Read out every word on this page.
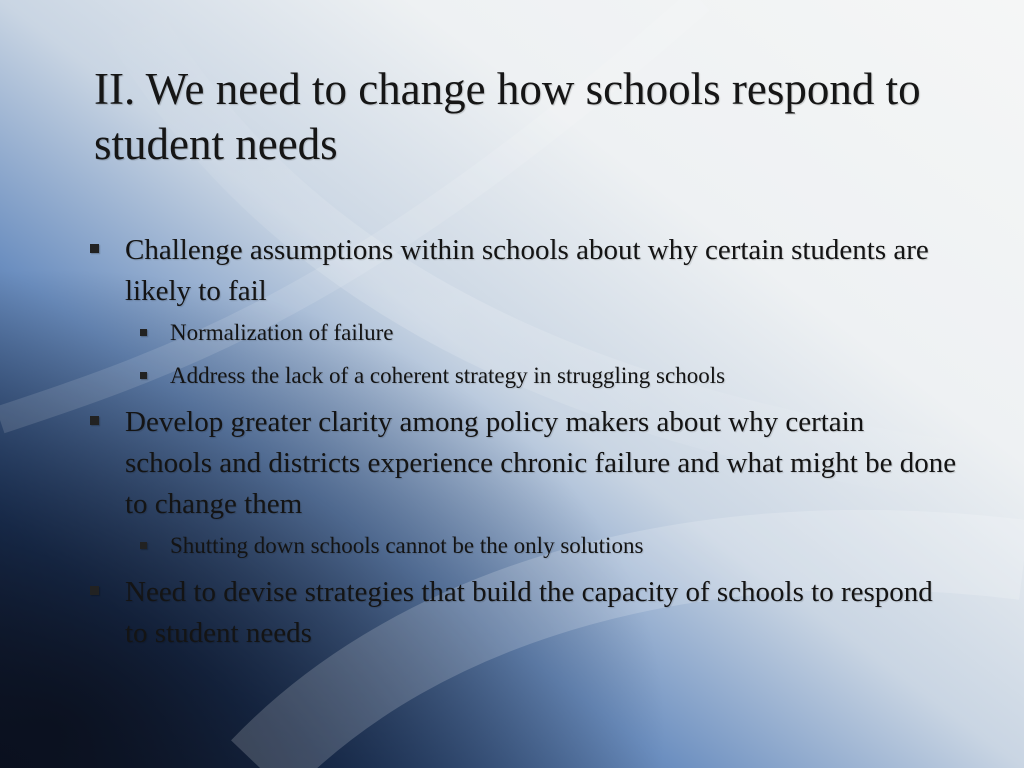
II. We need to change how schools respond to student needs
Challenge assumptions within schools about why certain students are likely to fail
Normalization of failure
Address the lack of a coherent strategy in struggling schools
Develop greater clarity among policy makers about why certain schools and districts experience chronic failure and what might be done to change them
Shutting down schools cannot be the only solutions
Need to devise strategies that build the capacity of schools to respond to student needs
